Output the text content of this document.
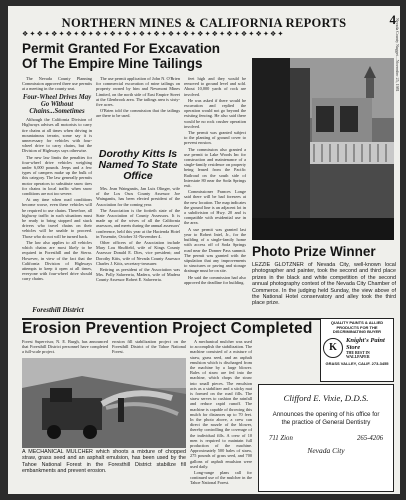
NORTHERN MINES & CALIFORNIA REPORTS	4 Nevada County Nugget....November 25, 1981
❖ ✦ ❖ ✦ ❖ ✦ ❖ ✦ ❖ ✦ ❖ ✦ ❖ ✦ ❖ ✦ ❖ ✦ ❖ ✦ ❖ ✦ ❖ ✦ ❖ ✦ ❖ ✦ ❖ ✦ ❖ ✦ ❖ ✦ ❖ ✦
Permit Granted For Excavation
Of The Empire Mine Tailings

The Nevada County Planning Commission approved three use permits at a meeting in the county seat.

Four-Wheel Drives May Go Without Chains...Sometimes

Although the California Division of Highways advises all motorists to carry tire chains at all times when driving in mountainous terrain, some say it is unnecessary for vehicles with four-wheel drive to carry chains, but the Division of Highways says otherwise.

The new law limits the penalties for four-wheel drive vehicles weighing under 6,000 pounds. Jeeps and a few types of campers make up the bulk of this category. The law generally permits motor operators to substitute snow tires for chains in local traffic when snow conditions are not too severe.

At any time when road conditions become worse, even these vehicles will be required to use chains. Therefore, all highway traffic in such situations must be ready to bring stopped and stuck drivers who travel chains on their vehicles will be unable to proceed. Those who do not will be turned back.

The law also applies to all vehicles which chains are most likely to be required in Foresthill and the Sierra. However, in view of the fact that the California Division of Highways attempts to keep it open at all times, everyone with four-wheel drive should carry chains.

Foresthill District

The use permit application of John N. O'Brien for commercial excavation of mine tailings on property owned by him and Newmont Mines Limited, on the north side of East Empire Street at the Glenbrook area. The tailings area is sixty-five acres.

O'Brien told the commission that the tailings are there to be used.

Dorothy Kitts Is Named To State Office

Mrs. Jean Wainganits, Jan Luis Olinger, wife of the Los Osos County Assessor Joe Wainganits, has been elected president of the Association for the coming year.

The Association is the fortieth state of the State Association of County Assessors. It is made up of the wives of all the California assessors, and meets during the annual assessors' conference, held this year at the Hacienda Hotel in Yosemite, October 31-November 4.

Other officers of the Association include Mary Lou Shuffield, wife of Kings County Assessor Donald E. Dies, vice president; and Dorothy Kitts, wife of Nevada County Assessor Charles J. Kitts, secretary-treasurer.

Retiring as president of the Association was Mrs. Polly Salaverria, Madera, wife of Madera County Assessor Robert E. Salaverria.

feet high and they would be removed to ground level and sold. About 10,000 yards of rock are involved.

He was asked if there would be excavation and replied the operation would not go beyond the existing fencing. He also said there would be no rock crusher operation involved.

The permit was granted subject to the planting of ground cover to prevent erosion.

The commission also granted a use permit to Lake Woods Inc for construction and maintenance of a single-family residence on property being leased from the Pacific Railroad on the south side of Interstate 80 near the Soda Springs exit.

Commissioner Frances Longe said there will be bad foresees at the new location. The map indicates the ground line is an adjacent lot in a subdivision of Hwy. 20 and is compatible with residential use in the area.

A use permit was granted last year to Robert Intel, Jr., for the building of a single-family home with access off of Soda Springs road near the Donner Pass summit. The permit was granted with the stipulation that any improvements to structures or paving and storage drainage must be on site.

He said the commission had also approved the deadline for building.

Photo Prize Winner
LEZZIE GLOTZNER of Nevada City, well-known local photographer and painter, took the second and third place prizes in the black and white competition of the second annual photography contest of the Nevada City Chamber of Commerce. In the judging held Sunday, the view above of the National Hotel conservatory and alley took the third place prize.
Erosion Prevention Project Completed
Forest Supervisor, N. E. Burgh, has announced that Foresthill District personnel have completed a full-scale project.
erosion fill stabilization project on the Foresthill District of the Tahoe National Forest.
A MECHANICAL MULCHER which shoots a mixture of chopped straw, grass seed and an asphalt emulsion, has been used by the Tahoe National Forest in the Foresthill District stabilize fill embankments and prevent erosion.

A mechanical mulcher was used to accomplish the stabilization. The machine consisted of a mixture of straw, grass seed, and an asphalt emulsion which is discharged from the machine by a large blower. Bales of straw are fed into the machine, which chops the straw into small pieces. The emulsion acts as a stabilizer and a sticky mat is formed on the road fills. The straw serves to cushion the rainfall and reduce rapid runoff. The machine is capable of throwing this mulch for distances up to 70 feet. In the photo above, a crew can direct the nozzle of the blower, thereby controlling the coverage of the individual fills. A crew of 10 men is required to maintain full production of the machine. Approximately 500 bales of straw, 275 pounds of grass seed, and 700 gallons of asphalt emulsion were used daily.

Long-range plans call for continued use of the mulcher in the Tahoe National Forest.

QUALITY PAINTS & ALLIED PRODUCTS FOR THE DISCRIMINATING BUYER
K
Knight's Paint Store
THE BEST IN WALLPAPER
GRASS VALLEY, CALIF. 273-3455
Clifford E. Vixie, D.D.S.
Announces the opening of his office for the practice of General Dentistry
711 Zion	265-4206
Nevada City
